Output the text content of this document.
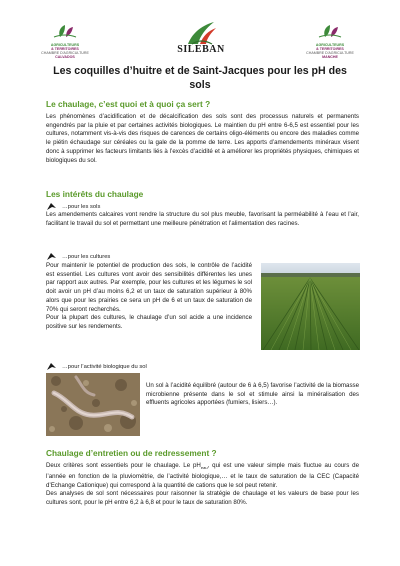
AGRICULTEURS
& TERRITOIRES
CHAMBRE D'AGRICULTURE
CALVADOS
SILEBAN	AGRICULTEURS
& TERRITOIRES
CHAMBRE D'AGRICULTURE
MANCHE
Les coquilles d’huitre et de Saint-Jacques pour les pH des
sols
Le chaulage, c’est quoi et à quoi ça sert ?
Les phénomènes d’acidification et de décalcification des sols sont des processus naturels et permanents engendrés par la pluie et par certaines activités biologiques. Le maintien du pH entre 6-6,5 est essentiel pour les cultures, notamment vis-à-vis des risques de carences de certains oligo-éléments ou encore des maladies comme le piétin échaudage sur céréales ou la gale de la pomme de terre. Les apports d’amendements minéraux visent donc à supprimer les facteurs limitants liés à l’excès d’acidité et à améliorer les propriétés physiques, chimiques et biologiques du sol.
Les intérêts du chaulage
…pour les sols
Les amendements calcaires vont rendre la structure du sol plus meuble, favorisant la perméabilité à l’eau et l’air, facilitant le travail du sol et permettant une meilleure pénétration et l’alimentation des racines.
…pour les cultures
Pour maintenir le potentiel de production des sols, le contrôle de l’acidité est essentiel. Les cultures vont avoir des sensibilités différentes les unes par rapport aux autres. Par exemple, pour les cultures et les légumes le sol doit avoir un pH d’au moins 6,2 et un taux de saturation supérieur à 80% alors que pour les prairies ce sera un pH de 6 et un taux de saturation de 70% qui seront recherchés.
Pour la plupart des cultures, le chaulage d’un sol acide a une incidence positive sur les rendements.
…pour l’activité biologique du sol
Un sol à l’acidité équilibré (autour de 6 à 6,5) favorise l’activité de la biomasse microbienne présente dans le sol et stimule ainsi la minéralisation des effluents agricoles apportées (fumiers, lisiers…).
Chaulage d’entretien ou de redressement ?
Deux critères sont essentiels pour le chaulage. Le $pH_{eau}$, qui est une valeur simple mais fluctue au cours de l’année en fonction de la pluviométrie, de l’activité biologique,… et le taux de saturation de la CEC (Capacité d’Echange Cationique) qui correspond à la quantité de cations que le sol peut retenir.
Des analyses de sol sont nécessaires pour raisonner la stratégie de chaulage et les valeurs de base pour les cultures sont, pour le pH entre 6,2 à 6,8 et pour le taux de saturation 80%.
